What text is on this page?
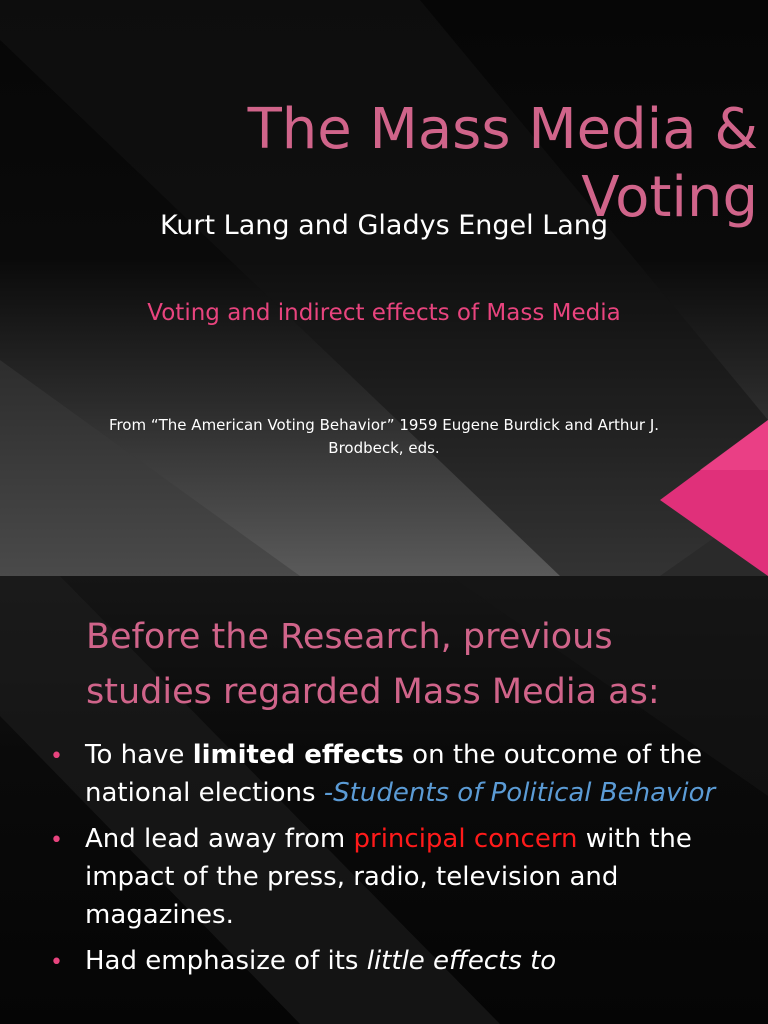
The Mass Media & Voting

Kurt Lang and Gladys Engel Lang

Voting and indirect effects of Mass Media

From “The American Voting Behavior” 1959 Eugene Burdick and Arthur J.
Brodbeck, eds.

Before the Research, previous studies regarded Mass Media as:
• To have limited effects on the outcome of the national elections -Students of Political Behavior
• And lead away from principal concern with the impact of the press, radio, television and magazines.
• Had emphasize of its little effects to
